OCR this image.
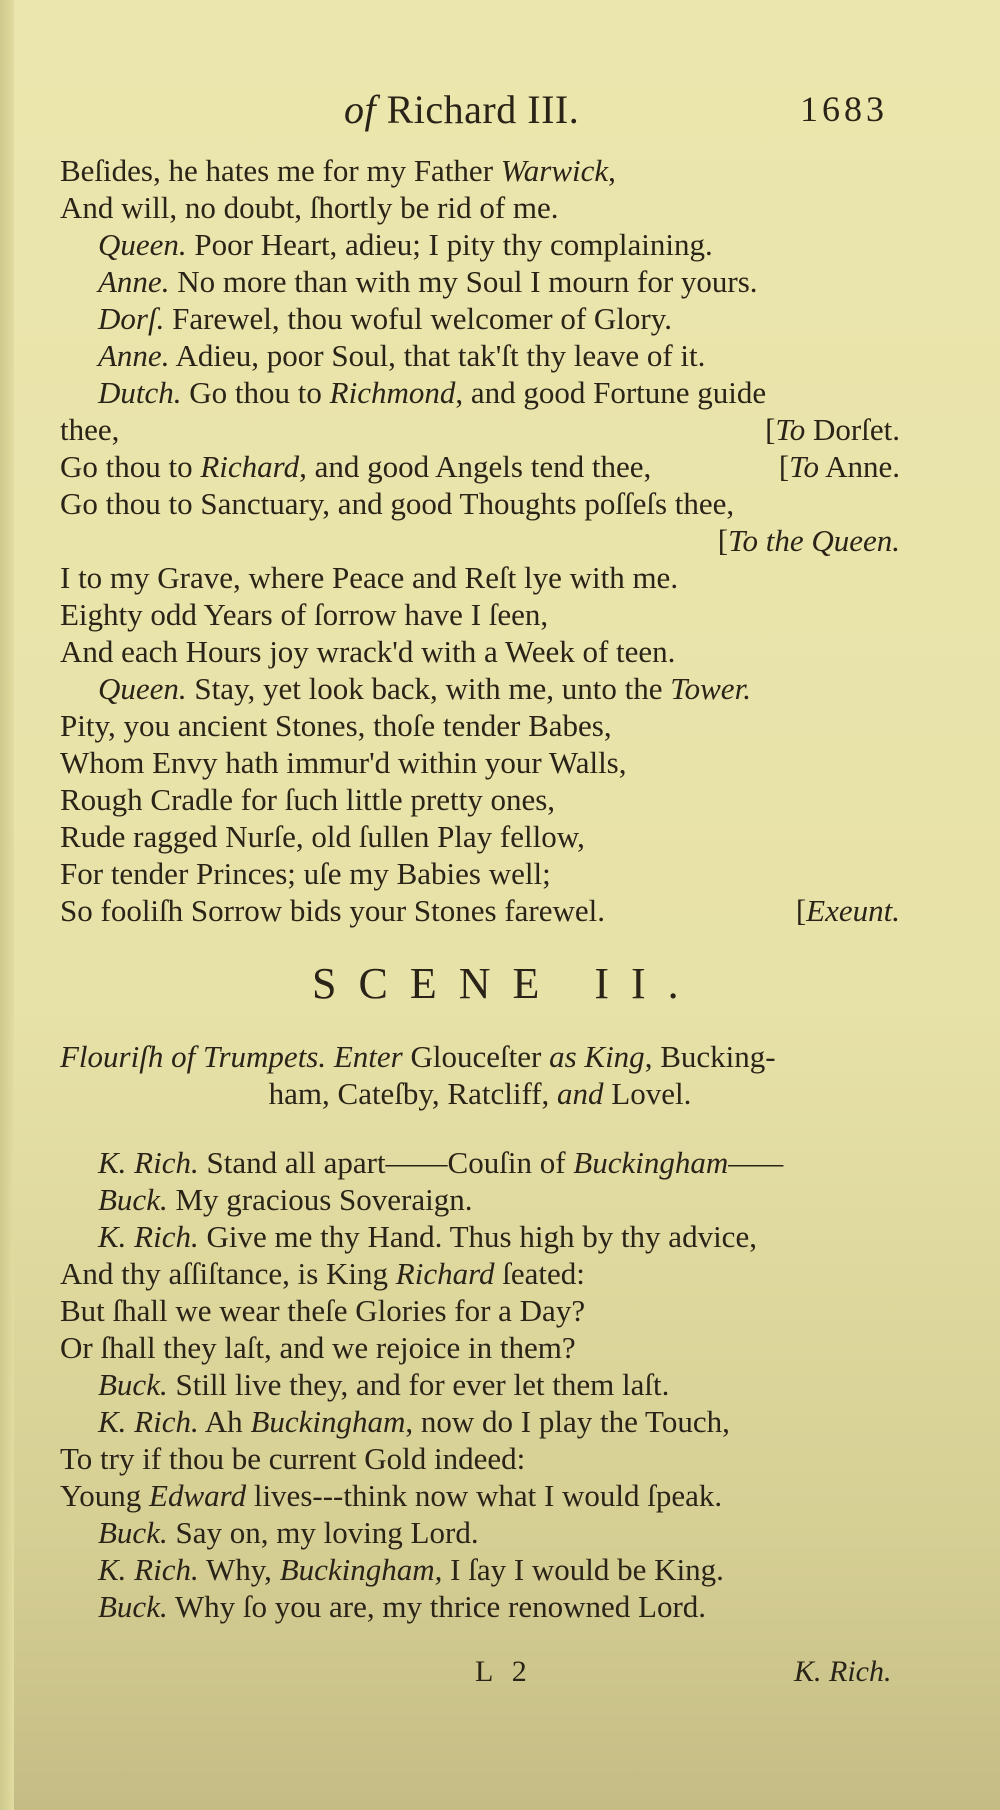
of Richard III.	1683
Beſides, he hates me for my Father Warwick,
And will, no doubt, ſhortly be rid of me.
Queen. Poor Heart, adieu; I pity thy complaining.
Anne. No more than with my Soul I mourn for yours.
Dorſ. Farewel, thou woful welcomer of Glory.
Anne. Adieu, poor Soul, that tak'ſt thy leave of it.
Dutch. Go thou to Richmond, and good Fortune guide
thee,	[To Dorſet.
Go thou to Richard, and good Angels tend thee,	[To Anne.
Go thou to Sanctuary, and good Thoughts poſſeſs thee,
[To the Queen.
I to my Grave, where Peace and Reſt lye with me.
Eighty odd Years of ſorrow have I ſeen,
And each Hours joy wrack'd with a Week of teen.
Queen. Stay, yet look back, with me, unto the Tower.
Pity, you ancient Stones, thoſe tender Babes,
Whom Envy hath immur'd within your Walls,
Rough Cradle for ſuch little pretty ones,
Rude ragged Nurſe, old ſullen Play fellow,
For tender Princes; uſe my Babies well;
So fooliſh Sorrow bids your Stones farewel.	[Exeunt.
SCENE II.
Flouriſh of Trumpets. Enter Glouceſter as King, Bucking-
ham, Cateſby, Ratcliff, and Lovel.
K. Rich. Stand all apart——Couſin of Buckingham——
Buck. My gracious Soveraign.
K. Rich. Give me thy Hand. Thus high by thy advice,
And thy aſſiſtance, is King Richard ſeated:
But ſhall we wear theſe Glories for a Day?
Or ſhall they laſt, and we rejoice in them?
Buck. Still live they, and for ever let them laſt.
K. Rich. Ah Buckingham, now do I play the Touch,
To try if thou be current Gold indeed:
Young Edward lives---think now what I would ſpeak.
Buck. Say on, my loving Lord.
K. Rich. Why, Buckingham, I ſay I would be King.
Buck. Why ſo you are, my thrice renowned Lord.
L 2	K. Rich.
